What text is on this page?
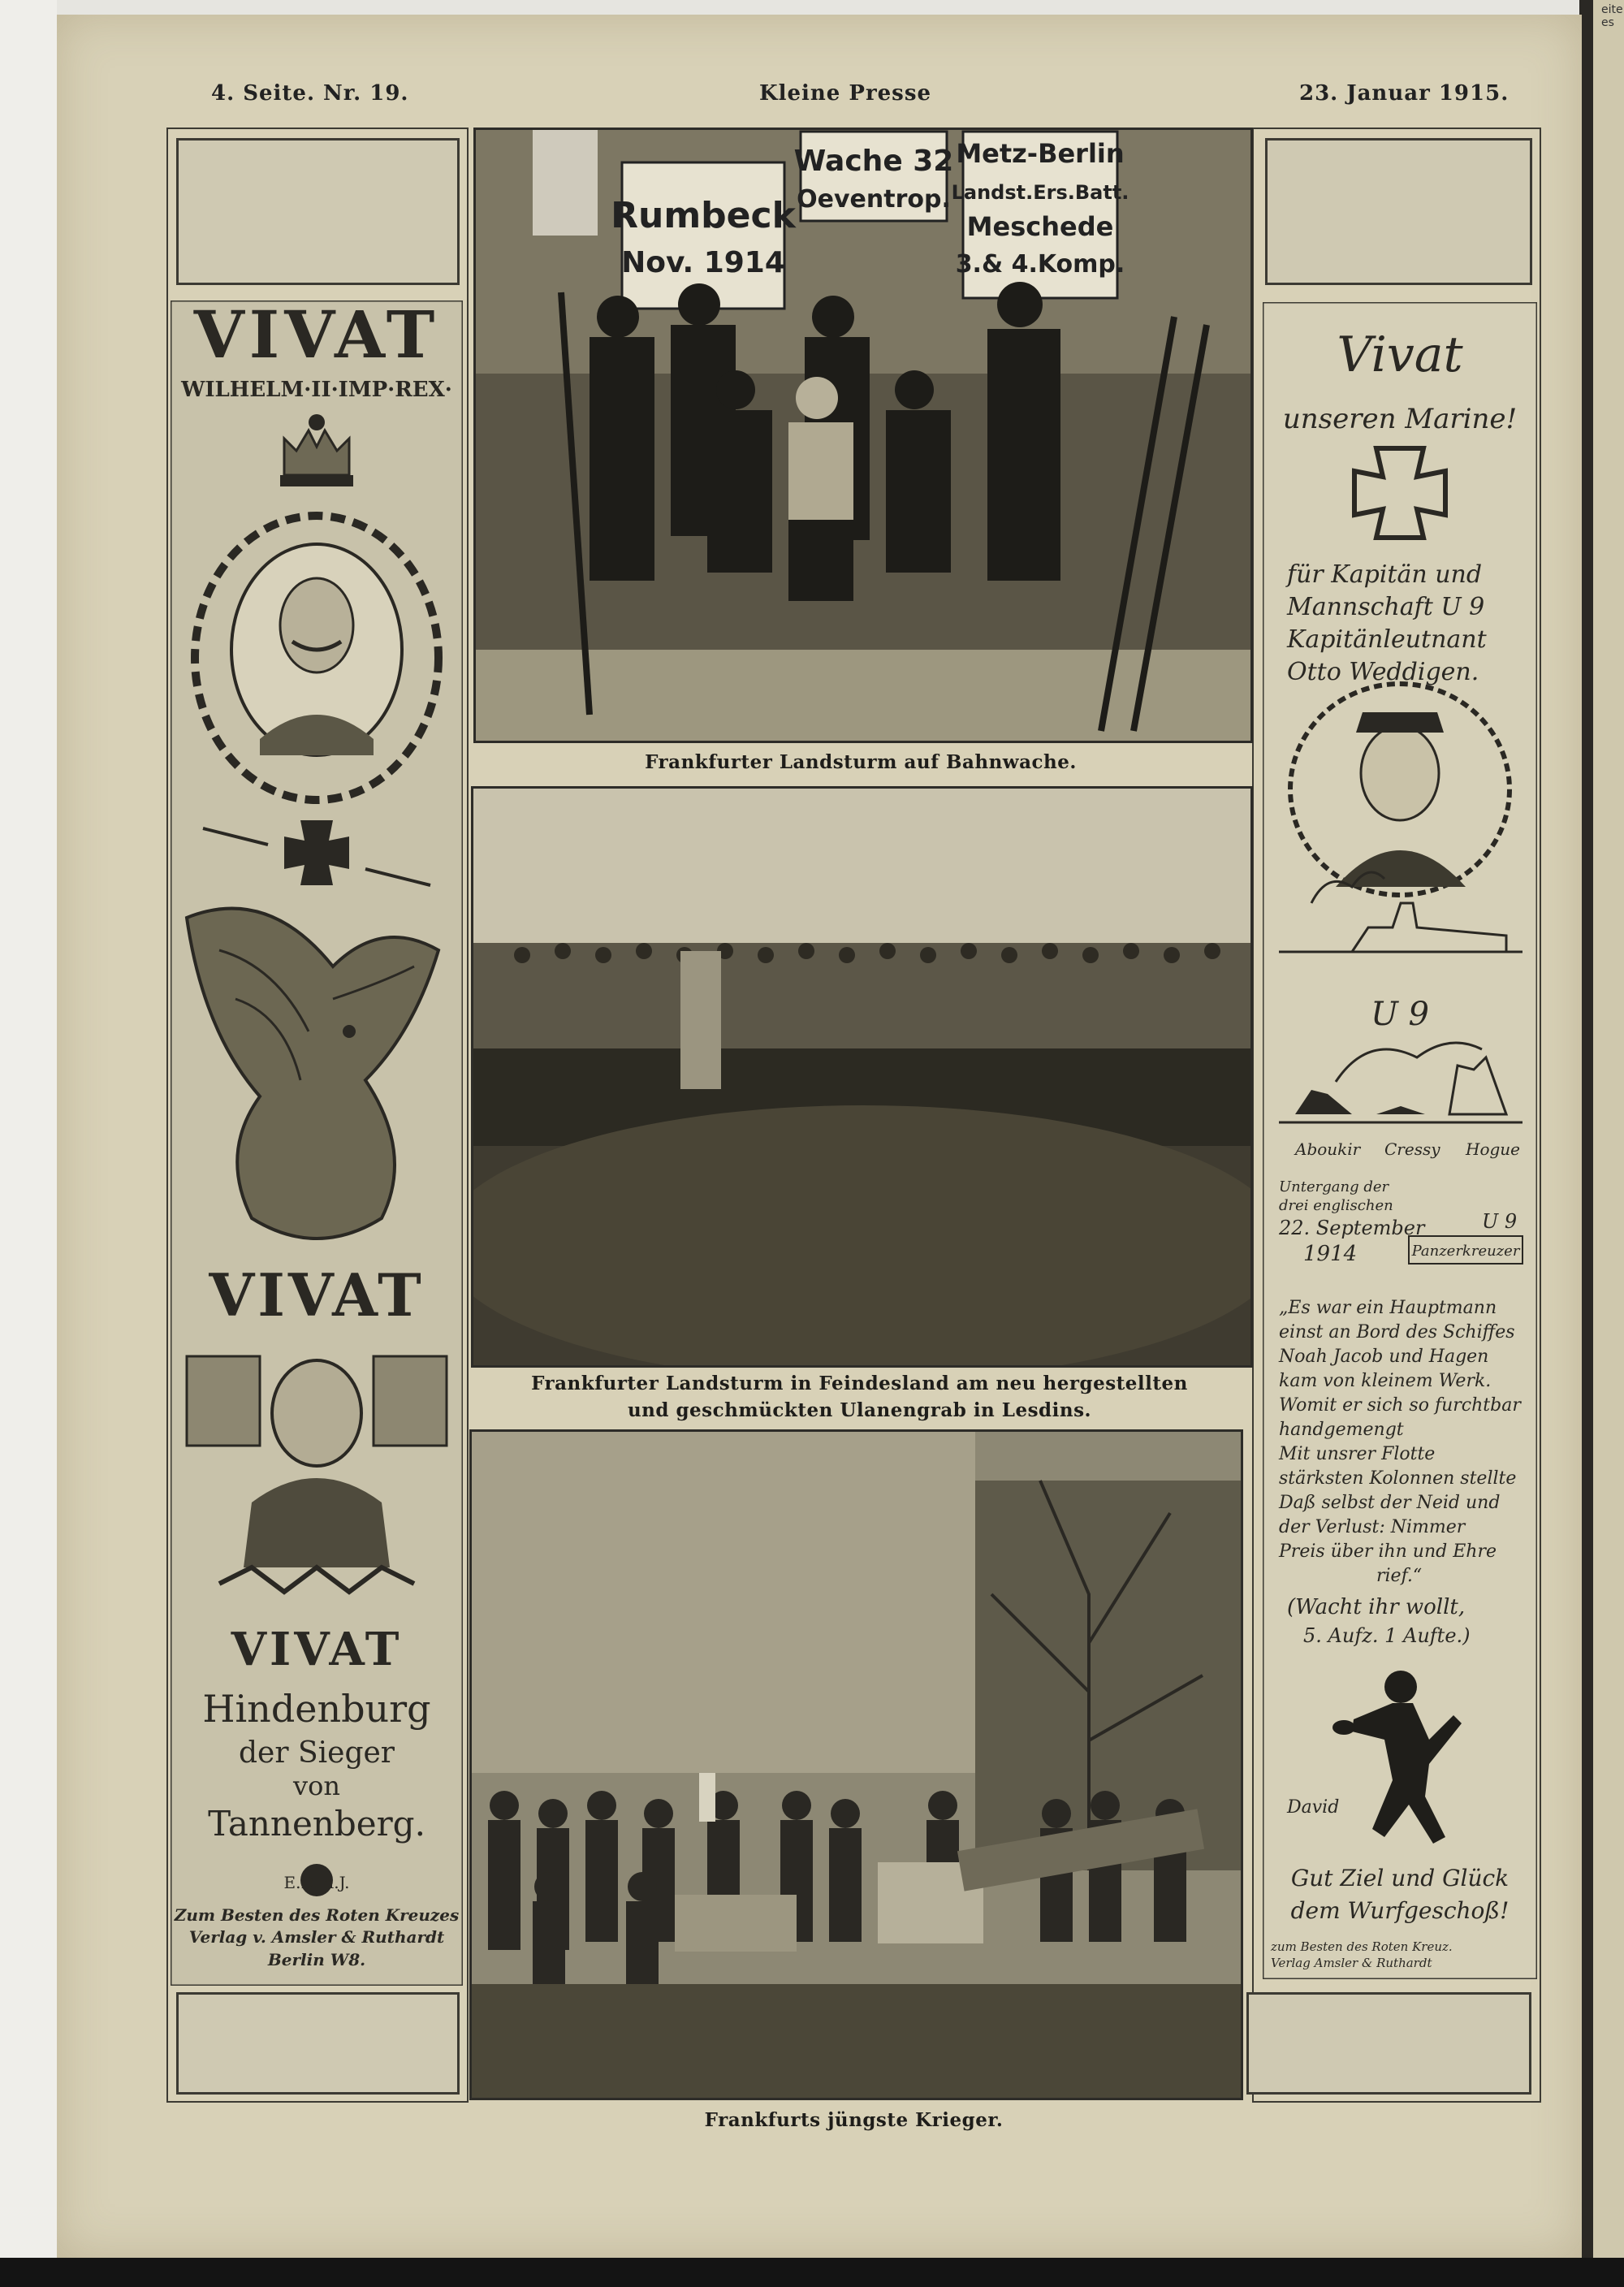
eite
es
4. Seite. Nr. 19.	Kleine Presse	23. Januar 1915.
VIVAT
WILHELM·II·IMP·REX·
VIVAT
VIVAT
Hindenburg
der Sieger
von
Tannenberg.
E.D. d.J.
Zum Besten des Roten Kreuzes
Verlag v. Amsler & Ruthardt
Berlin W8.
Vivat
unseren Marine!
für Kapitän und
Mannschaft U 9
Kapitänleutnant
Otto Weddigen.
U 9
Aboukir Cressy Hogue
Untergang der
drei englischen
22. September
1914
U 9
Panzerkreuzer
„Es war ein Hauptmann
einst an Bord des Schiffes
Noah Jacob und Hagen
kam von kleinem Werk.
Womit er sich so furchtbar
handgemengt
Mit unsrer Flotte
stärksten Kolonnen stellte
Daß selbst der Neid und
der Verlust: Nimmer
Preis über ihn und Ehre
rief.“
(Wacht ihr wollt,
5. Aufz. 1 Aufte.)
David
Gut Ziel und Glück
dem Wurfgeschoß!
zum Besten des Roten Kreuz.
Verlag Amsler & Ruthardt
Rumbeck
Nov. 1914
Wache 32
Oeventrop.
Metz-Berlin
Landst.Ers.Batt.
Meschede
3.& 4.Komp.
Frankfurter Landsturm auf Bahnwache.
Frankfurter Landsturm in Feindesland am neu hergestellten
und geschmückten Ulanengrab in Lesdins.
Frankfurts jüngste Krieger.
